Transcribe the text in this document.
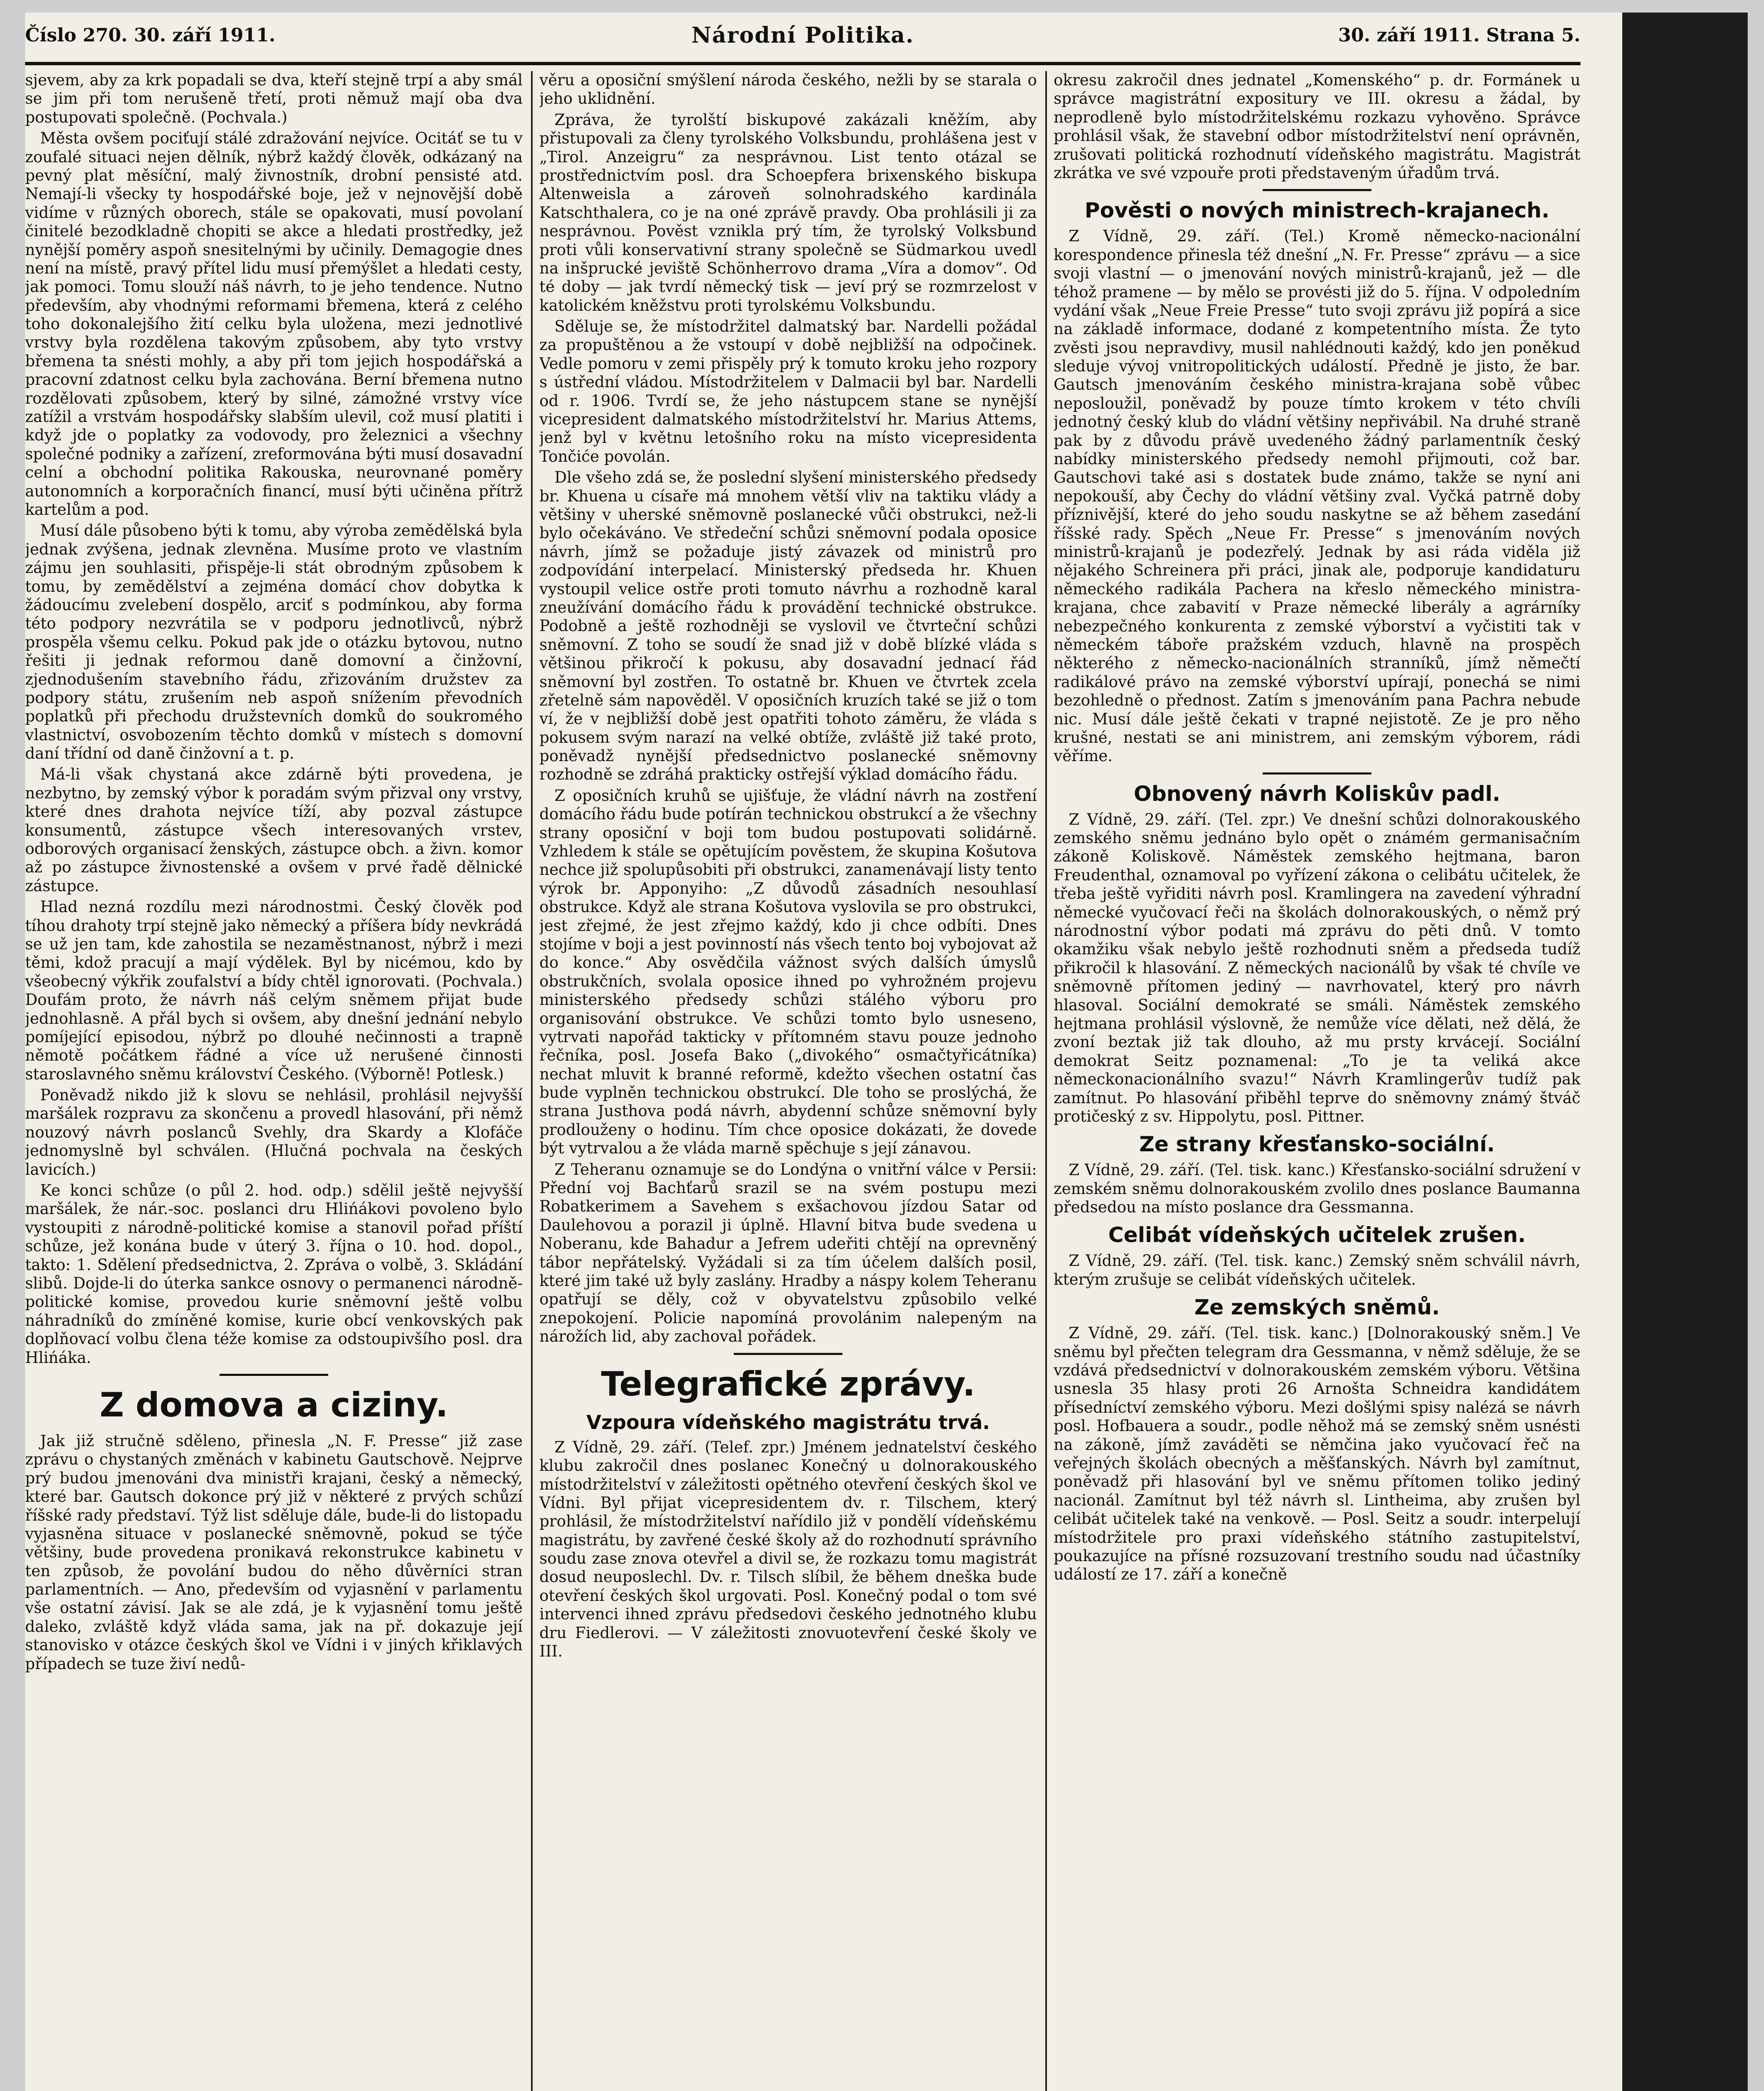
Číslo 270. 30. září 1911.	Národní Politika.	30. září 1911. Strana 5.

sjevem, aby za krk popadali se dva, kteří stejně trpí a aby smál se jim při tom nerušeně třetí, proti němuž mají oba dva postupovati společně. (Pochvala.)

Města ovšem pociťují stálé zdražování nejvíce. Ocitáť se tu v zoufalé situaci nejen dělník, nýbrž každý člověk, odkázaný na pevný plat měsíční, malý živnostník, drobní pensisté atd. Nemají-li všecky ty hospodářské boje, jež v nejnovější době vidíme v různých oborech, stále se opakovati, musí povolaní činitelé bezodkladně chopiti se akce a hledati prostředky, jež nynější poměry aspoň snesitelnými by učinily. Demagogie dnes není na místě, pravý přítel lidu musí přemýšlet a hledati cesty, jak pomoci. Tomu slouží náš návrh, to je jeho tendence. Nutno především, aby vhodnými reformami břemena, která z celého toho dokonalejšího žití celku byla uložena, mezi jednotlivé vrstvy byla rozdělena takovým způsobem, aby tyto vrstvy břemena ta snésti mohly, a aby při tom jejich hospodářská a pracovní zdatnost celku byla zachována. Berní břemena nutno rozdělovati způsobem, který by silné, zámožné vrstvy více zatížil a vrstvám hospodářsky slabším ulevil, což musí platiti i když jde o poplatky za vodovody, pro železnici a všechny společné podniky a zařízení, zreformována býti musí dosavadní celní a obchodní politika Rakouska, neurovnané poměry autonomních a korporačních financí, musí býti učiněna přítrž kartelům a pod.

Musí dále působeno býti k tomu, aby výroba zemědělská byla jednak zvýšena, jednak zlevněna. Musíme proto ve vlastním zájmu jen souhlasiti, přispěje-li stát obrodným způsobem k tomu, by zemědělství a zejména domácí chov dobytka k žádoucímu zvelebení dospělo, arciť s podmínkou, aby forma této podpory nezvrátila se v podporu jednotlivců, nýbrž prospěla všemu celku. Pokud pak jde o otázku bytovou, nutno řešiti ji jednak reformou daně domovní a činžovní, zjednodušením stavebního řádu, zřizováním družstev za podpory státu, zrušením neb aspoň snížením převodních poplatků při přechodu družstevních domků do soukromého vlastnictví, osvobozením těchto domků v místech s domovní daní třídní od daně činžovní a t. p.

Má-li však chystaná akce zdárně býti provedena, je nezbytno, by zemský výbor k poradám svým přizval ony vrstvy, které dnes drahota nejvíce tíží, aby pozval zástupce konsumentů, zástupce všech interesovaných vrstev, odborových organisací ženských, zástupce obch. a živn. komor až po zástupce živnostenské a ovšem v prvé řadě dělnické zástupce.

Hlad nezná rozdílu mezi národnostmi. Český člověk pod tíhou drahoty trpí stejně jako německý a příšera bídy nevkrádá se už jen tam, kde zahostila se nezaměstnanost, nýbrž i mezi těmi, kdož pracují a mají výdělek. Byl by nicémou, kdo by všeobecný výkřik zoufalství a bídy chtěl ignorovati. (Pochvala.) Doufám proto, že návrh náš celým sněmem přijat bude jednohlasně. A přál bych si ovšem, aby dnešní jednání nebylo pomíjející episodou, nýbrž po dlouhé nečinnosti a trapně němotě počátkem řádné a více už nerušené činnosti staroslavného sněmu království Českého. (Výborně! Potlesk.)

Poněvadž nikdo již k slovu se nehlásil, prohlásil nejvyšší maršálek rozpravu za skončenu a provedl hlasování, při němž nouzový návrh poslanců Svehly, dra Skardy a Klofáče jednomyslně byl schválen. (Hlučná pochvala na českých lavicích.)

Ke konci schůze (o půl 2. hod. odp.) sdělil ještě nejvyšší maršálek, že nár.-soc. poslanci dru Hlińákovi povoleno bylo vystoupiti z národně-politické komise a stanovil pořad příští schůze, jež konána bude v úterý 3. října o 10. hod. dopol., takto: 1. Sdělení předsednictva, 2. Zpráva o volbě, 3. Skládání slibů. Dojde-li do úterka sankce osnovy o permanenci národně-politické komise, provedou kurie sněmovní ještě volbu náhradníků do zmíněné komise, kurie obcí venkovských pak doplňovací volbu člena téže komise za odstoupivšího posl. dra Hlińáka.

Z domova a ciziny.

Jak již stručně sděleno, přinesla „N. F. Presse“ již zase zprávu o chystaných změnách v kabinetu Gautschově. Nejprve prý budou jmenováni dva ministři krajani, český a německý, které bar. Gautsch dokonce prý již v některé z prvých schůzí říšské rady představí. Týž list sděluje dále, bude-li do listopadu vyjasněna situace v poslanecké sněmovně, pokud se týče většiny, bude provedena pronikavá rekonstrukce kabinetu v ten způsob, že povolání budou do něho důvěrníci stran parlamentních. — Ano, především od vyjasnění v parlamentu vše ostatní závisí. Jak se ale zdá, je k vyjasnění tomu ještě daleko, zvláště když vláda sama, jak na př. dokazuje její stanovisko v otázce českých škol ve Vídni i v jiných křiklavých případech se tuze živí nedů-

věru a oposiční smýšlení národa českého, nežli by se starala o jeho uklidnění.

Zpráva, že tyrolští biskupové zakázali kněžím, aby přistupovali za členy tyrolského Volksbundu, prohlášena jest v „Tirol. Anzeigru“ za nesprávnou. List tento otázal se prostřednictvím posl. dra Schoepfera brixenského biskupa Altenweisla a zároveň solnohradského kardinála Katschthalera, co je na oné zprávě pravdy. Oba prohlásili ji za nesprávnou. Pověst vznikla prý tím, že tyrolský Volksbund proti vůli konservativní strany společně se Südmarkou uvedl na inšprucké jeviště Schönherrovo drama „Víra a domov“. Od té doby — jak tvrdí německý tisk — jeví prý se rozmrzelost v katolickém kněžstvu proti tyrolskému Volksbundu.

Sděluje se, že místodržitel dalmatský bar. Nardelli požádal za propuštěnou a že vstoupí v době nejbližší na odpočinek. Vedle pomoru v zemi přispěly prý k tomuto kroku jeho rozpory s ústřední vládou. Místodržitelem v Dalmacii byl bar. Nardelli od r. 1906. Tvrdí se, že jeho nástupcem stane se nynější vicepresident dalmatského místodržitelství hr. Marius Attems, jenž byl v květnu letošního roku na místo vicepresidenta Tončiće povolán.

Dle všeho zdá se, že poslední slyšení ministerského předsedy br. Khuena u císaře má mnohem větší vliv na taktiku vlády a většiny v uherské sněmovně poslanecké vůči obstrukci, než-li bylo očekáváno. Ve středeční schůzi sněmovní podala oposice návrh, jímž se požaduje jistý závazek od ministrů pro zodpovídání interpelací. Ministerský předseda hr. Khuen vystoupil velice ostře proti tomuto návrhu a rozhodně karal zneužívání domácího řádu k provádění technické obstrukce. Podobně a ještě rozhodněji se vyslovil ve čtvrteční schůzi sněmovní. Z toho se soudí že snad již v době blízké vláda s většinou přikročí k pokusu, aby dosavadní jednací řád sněmovní byl zostřen. To ostatně br. Khuen ve čtvrtek zcela zřetelně sám napověděl. V oposičních kruzích také se již o tom ví, že v nejbližší době jest opatřiti tohoto záměru, že vláda s pokusem svým narazí na velké obtíže, zvláště již také proto, poněvadž nynější předsednictvo poslanecké sněmovny rozhodně se zdráhá prakticky ostřejší výklad domácího řádu.

Z oposičních kruhů se ujišťuje, že vládní návrh na zostření domácího řádu bude potírán technickou obstrukcí a že všechny strany oposiční v boji tom budou postupovati solidárně. Vzhledem k stále se opětujícím pověstem, že skupina Košutova nechce již spolupůsobiti při obstrukci, zanamenávají listy tento výrok br. Apponyiho: „Z důvodů zásadních nesouhlasí obstrukce. Když ale strana Košutova vyslovila se pro obstrukci, jest zřejmé, že jest zřejmo každý, kdo ji chce odbíti. Dnes stojíme v boji a jest povinností nás všech tento boj vybojovat až do konce.“ Aby osvědčila vážnost svých dalších úmyslů obstrukčních, svolala oposice ihned po vyhrožném projevu ministerského předsedy schůzi stálého výboru pro organisování obstrukce. Ve schůzi tomto bylo usneseno, vytrvati napořád takticky v přítomném stavu pouze jednoho řečníka, posl. Josefa Bako („divokého“ osmačtyřicátníka) nechat mluvit k branné reformě, kdežto všechen ostatní čas bude vyplněn technickou obstrukcí. Dle toho se proslýchá, že strana Justhova podá návrh, abydenní schůze sněmovní byly prodlouženy o hodinu. Tím chce oposice dokázati, že dovede být vytrvalou a že vláda marně spěchuje s její zánavou.

Z Teheranu oznamuje se do Londýna o vnitřní válce v Persii: Přední voj Bachťarů srazil se na svém postupu mezi Robatkerimem a Savehem s exšachovou jízdou Satar od Daulehovou a porazil ji úplně. Hlavní bitva bude svedena u Noberanu, kde Bahadur a Jefrem udeřiti chtějí na oprevněný tábor nepřátelský. Vyžádali si za tím účelem dalších posil, které jim také už byly zaslány. Hradby a náspy kolem Teheranu opatřují se děly, což v obyvatelstvu způsobilo velké znepokojení. Policie napomíná provolánim nalepeným na nárožích lid, aby zachoval pořádek.

Telegrafické zprávy.
Vzpoura vídeňského magistrátu trvá.

Z Vídně, 29. září. (Telef. zpr.) Jménem jednatelství českého klubu zakročil dnes poslanec Konečný u dolnorakouského místodržitelství v záležitosti opětného otevření českých škol ve Vídni. Byl přijat vicepresidentem dv. r. Tilschem, který prohlásil, že místodržitelství nařídilo již v pondělí vídeňskému magistrátu, by zavřené české školy až do rozhodnutí správního soudu zase znova otevřel a divil se, že rozkazu tomu magistrát dosud neuposlechl. Dv. r. Tilsch slíbil, že během dneška bude otevření českých škol urgovati. Posl. Konečný podal o tom své intervenci ihned zprávu předsedovi českého jednotného klubu dru Fiedlerovi. — V záležitosti znovuotevření české školy ve III.

okresu zakročil dnes jednatel „Komenského“ p. dr. Formánek u správce magistrátní expositury ve III. okresu a žádal, by neprodleně bylo místodržitelskému rozkazu vyhověno. Správce prohlásil však, že stavební odbor místodržitelství není oprávněn, zrušovati politická rozhodnutí vídeňského magistrátu. Magistrát zkrátka ve své vzpouře proti představeným úřadům trvá.

Pověsti o nových ministrech-krajanech.

Z Vídně, 29. září. (Tel.) Kromě německo-nacionální korespondence přinesla též dnešní „N. Fr. Presse“ zprávu — a sice svoji vlastní — o jmenování nových ministrů-krajanů, jež — dle téhož pramene — by mělo se provésti již do 5. října. V odpoledním vydání však „Neue Freie Presse“ tuto svoji zprávu již popírá a sice na základě informace, dodané z kompetentního místa. Že tyto zvěsti jsou nepravdivy, musil nahlédnouti každý, kdo jen poněkud sleduje vývoj vnitropolitických událostí. Předně je jisto, že bar. Gautsch jmenováním českého ministra-krajana sobě vůbec neposloužil, poněvadž by pouze tímto krokem v této chvíli jednotný český klub do vládní většiny nepřivábil. Na druhé straně pak by z důvodu právě uvedeného žádný parlamentník český nabídky ministerského předsedy nemohl přijmouti, což bar. Gautschovi také asi s dostatek bude známo, takže se nyní ani nepokouší, aby Čechy do vládní většiny zval. Vyčká patrně doby příznivější, které do jeho soudu naskytne se až během zasedání říšské rady. Spěch „Neue Fr. Presse“ s jmenováním nových ministrů-krajanů je podezřelý. Jednak by asi ráda viděla již nějakého Schreinera při práci, jinak ale, podporuje kandidaturu německého radikála Pachera na křeslo německého ministra-krajana, chce zabavití v Praze německé liberály a agrárníky nebezpečného konkurenta z zemské výborství a vyčistiti tak v německém táboře pražském vzduch, hlavně na prospěch některého z německo-nacionálních stranníků, jímž němečtí radikálové právo na zemské výborství upírají, ponechá se nimi bezohledně o přednost. Zatím s jmenováním pana Pachra nebude nic. Musí dále ještě čekati v trapné nejistotě. Ze je pro něho krušné, nestati se ani ministrem, ani zemským výborem, rádi věříme.

Obnovený návrh Koliskův padl.

Z Vídně, 29. září. (Tel. zpr.) Ve dnešní schůzi dolnorakouského zemského sněmu jednáno bylo opět o známém germanisačním zákoně Koliskově. Náměstek zemského hejtmana, baron Freudenthal, oznamoval po vyřízení zákona o celibátu učitelek, že třeba ještě vyřiditi návrh posl. Kramlingera na zavedení výhradní německé vyučovací řeči na školách dolnorakouských, o němž prý národnostní výbor podati má zprávu do pěti dnů. V tomto okamžiku však nebylo ještě rozhodnuti sněm a předseda tudíž přikročil k hlasování. Z německých nacionálů by však té chvíle ve sněmovně přítomen jediný — navrhovatel, který pro návrh hlasoval. Sociální demokraté se smáli. Náměstek zemského hejtmana prohlásil výslovně, že nemůže více dělati, než dělá, že zvoní beztak již tak dlouho, až mu prsty krvácejí. Sociální demokrat Seitz poznamenal: „To je ta veliká akce německonacionálního svazu!“ Návrh Kramlingerův tudíž pak zamítnut. Po hlasování přiběhl teprve do sněmovny známý štváč protičeský z sv. Hippolytu, posl. Pittner.

Ze strany křesťansko-sociální.

Z Vídně, 29. září. (Tel. tisk. kanc.) Křesťansko-sociální sdružení v zemském sněmu dolnorakouském zvolilo dnes poslance Baumanna předsedou na místo poslance dra Gessmanna.

Celibát vídeňských učitelek zrušen.

Z Vídně, 29. září. (Tel. tisk. kanc.) Zemský sněm schválil návrh, kterým zrušuje se celibát vídeňských učitelek.

Ze zemských sněmů.

Z Vídně, 29. září. (Tel. tisk. kanc.) [Dolnorakouský sněm.] Ve sněmu byl přečten telegram dra Gessmanna, v němž sděluje, že se vzdává předsednictví v dolnorakouském zemském výboru. Většina usnesla 35 hlasy proti 26 Arnošta Schneidra kandidátem přísedníctví zemského výboru. Mezi došlými spisy nalézá se návrh posl. Hofbauera a soudr., podle něhož má se zemský sněm usnésti na zákoně, jímž zaváděti se němčina jako vyučovací řeč na veřejných školách obecných a měšťanských. Návrh byl zamítnut, poněvadž při hlasování byl ve sněmu přítomen toliko jediný nacionál. Zamítnut byl též návrh sl. Lintheima, aby zrušen byl celibát učitelek také na venkově. — Posl. Seitz a soudr. interpelují místodržitele pro praxi vídeňského státního zastupitelství, poukazujíce na přísné rozsuzovaní trestního soudu nad účastníky událostí ze 17. září a konečně
